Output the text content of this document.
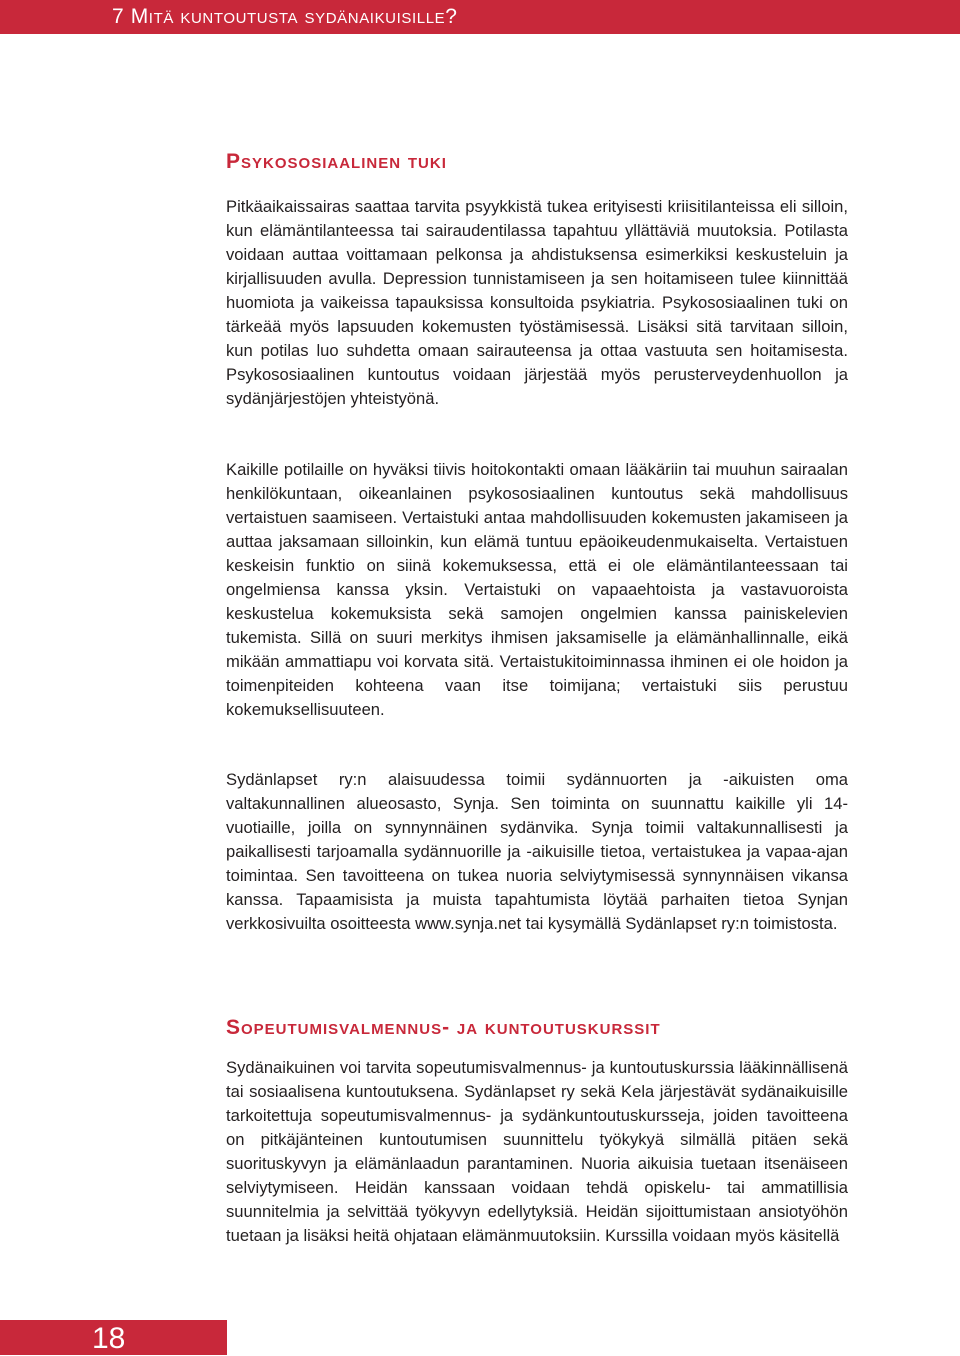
7 Mitä kuntoutusta sydänaikuisille?
Psykososiaalinen tuki

Pitkäaikaissairas saattaa tarvita psyykkistä tukea erityisesti kriisitilanteissa eli silloin, kun elämäntilanteessa tai sairaudentilassa tapahtuu yllättäviä muutoksia. Potilasta voidaan auttaa voittamaan pelkonsa ja ahdistuksensa esimerkiksi keskusteluin ja kirjallisuuden avulla. Depression tunnistamiseen ja sen hoitamiseen tulee kiinnittää huomiota ja vaikeissa tapauksissa konsultoida psykiatria. Psykososiaalinen tuki on tärkeää myös lapsuuden kokemusten työstämisessä. Lisäksi sitä tarvitaan silloin, kun potilas luo suhdetta omaan sairauteensa ja ottaa vastuuta sen hoitamisesta. Psykososiaalinen kuntoutus voidaan järjestää myös perusterveydenhuollon ja sydänjärjestöjen yhteistyönä.

Kaikille potilaille on hyväksi tiivis hoitokontakti omaan lääkäriin tai muuhun sairaalan henkilökuntaan, oikeanlainen psykososiaalinen kuntoutus sekä mahdollisuus vertaistuen saamiseen. Vertaistuki antaa mahdollisuuden kokemusten jakamiseen ja auttaa jaksamaan silloinkin, kun elämä tuntuu epäoikeudenmukaiselta. Vertaistuen keskeisin funktio on siinä kokemuksessa, että ei ole elämäntilanteessaan tai ongelmiensa kanssa yksin. Vertaistuki on vapaaehtoista ja vastavuoroista keskustelua kokemuksista sekä samojen ongelmien kanssa painiskelevien tukemista. Sillä on suuri merkitys ihmisen jaksamiselle ja elämänhallinnalle, eikä mikään ammattiapu voi korvata sitä. Vertaistukitoiminnassa ihminen ei ole hoidon ja toimenpiteiden kohteena vaan itse toimijana; vertaistuki siis perustuu kokemuksellisuuteen.

Sydänlapset ry:n alaisuudessa toimii sydännuorten ja -aikuisten oma valtakunnallinen alueosasto, Synja. Sen toiminta on suunnattu kaikille yli 14-vuotiaille, joilla on synnynnäinen sydänvika. Synja toimii valtakunnallisesti ja paikallisesti tarjoamalla sydännuorille ja -aikuisille tietoa, vertaistukea ja vapaa-ajan toimintaa. Sen tavoitteena on tukea nuoria selviytymisessä synnynnäisen vikansa kanssa. Tapaamisista ja muista tapahtumista löytää parhaiten tietoa Synjan verkkosivuilta osoitteesta www.synja.net tai kysymällä Sydänlapset ry:n toimistosta.

Sopeutumisvalmennus- ja kuntoutuskurssit

Sydänaikuinen voi tarvita sopeutumisvalmennus- ja kuntoutuskurssia lääkinnällisenä tai sosiaalisena kuntoutuksena. Sydänlapset ry sekä Kela järjestävät sydänaikuisille tarkoitettuja sopeutumisvalmennus- ja sydänkuntoutuskursseja, joiden tavoitteena on pitkäjänteinen kuntoutumisen suunnittelu työkykyä silmällä pitäen sekä suorituskyvyn ja elämänlaadun parantaminen. Nuoria aikuisia tuetaan itsenäiseen selviytymiseen. Heidän kanssaan voidaan tehdä opiskelu- tai ammatillisia suunnitelmia ja selvittää työkyvyn edellytyksiä. Heidän sijoittumistaan ansiotyöhön tuetaan ja lisäksi heitä ohjataan elämänmuutoksiin. Kurssilla voidaan myös käsitellä

18
